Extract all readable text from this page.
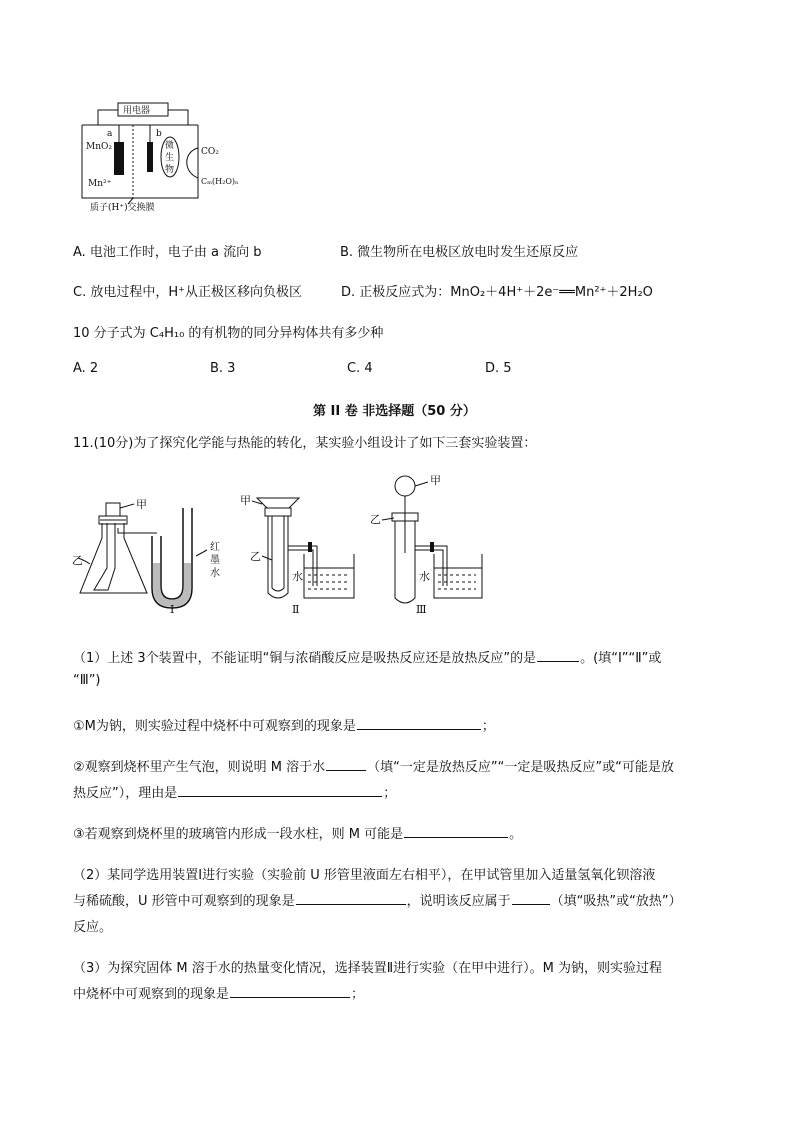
用电器
a	b
MnO₂
Mn²⁺
微
生
物
CO₂
Cₘ(H₂O)ₙ
质子(H⁺)交换膜
A. 电池工作时，电子由 a 流向 b	B. 微生物所在电极区放电时发生还原反应
C. 放电过程中，H⁺从正极区移向负极区	D. 正极反应式为：MnO₂＋4H⁺＋2e⁻══Mn²⁺＋2H₂O
10 分子式为 C₄H₁₀ 的有机物的同分异构体共有多少种
A. 2	B. 3	C. 4	D. 5
第 II 卷 非选择题（50 分）
11.(10分)为了探究化学能与热能的转化，某实验小组设计了如下三套实验装置：
甲
乙
红
墨
水
Ⅰ
甲
乙
水
Ⅱ
甲
乙
水
Ⅲ
（1）上述 3个装置中，不能证明“铜与浓硝酸反应是吸热反应还是放热反应”的是	。(填“Ⅰ”“Ⅱ”或
“Ⅲ”)
①M为钠，则实验过程中烧杯中可观察到的现象是	；
②观察到烧杯里产生气泡，则说明 M 溶于水	（填“一定是放热反应”“一定是吸热反应”或“可能是放
热反应”），理由是	；
③若观察到烧杯里的玻璃管内形成一段水柱，则 M 可能是	。
（2）某同学选用装置Ⅰ进行实验（实验前 U 形管里液面左右相平），在甲试管里加入适量氢氧化钡溶液
与稀硫酸，U 形管中可观察到的现象是	，说明该反应属于	（填“吸热”或“放热”）
反应。
（3）为探究固体 M 溶于水的热量变化情况，选择装置Ⅱ进行实验（在甲中进行）。M 为钠，则实验过程
中烧杯中可观察到的现象是	；
